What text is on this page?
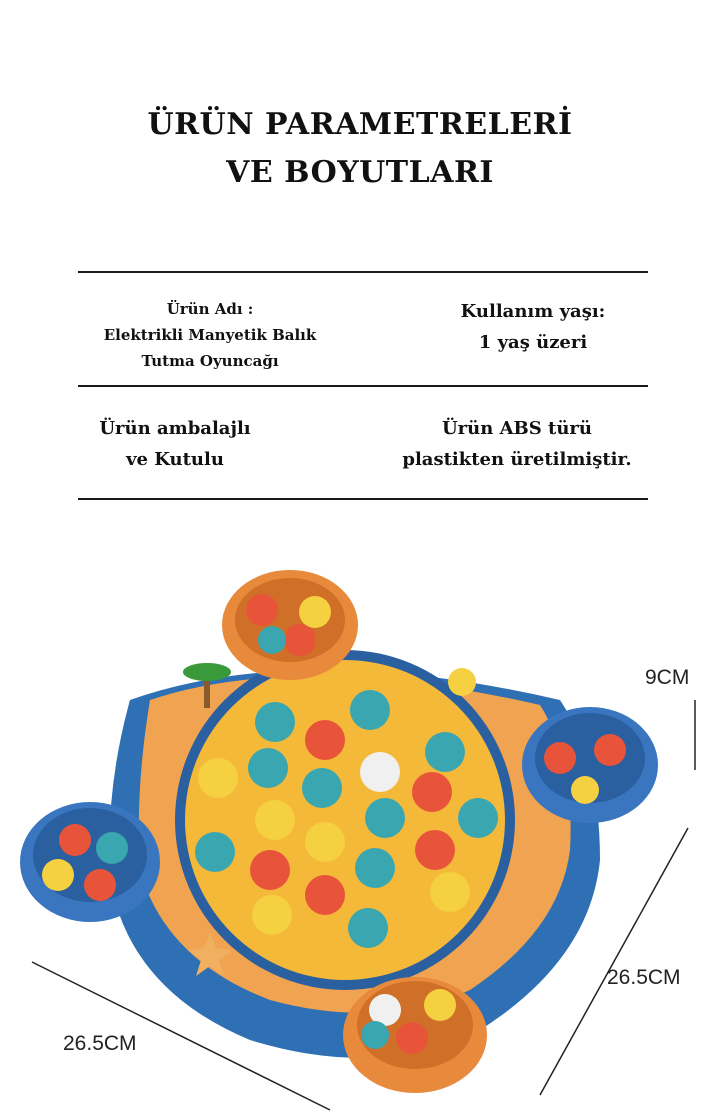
ÜRÜN PARAMETRELERİ
VE BOYUTLARI
Ürün Adı :
Elektrikli Manyetik Balık
Tutma Oyuncağı
Kullanım yaşı:
1 yaş üzeri
Ürün ambalajlı
ve Kutulu
Ürün ABS türü
plastikten üretilmiştir.
9CM
26.5CM
26.5CM
